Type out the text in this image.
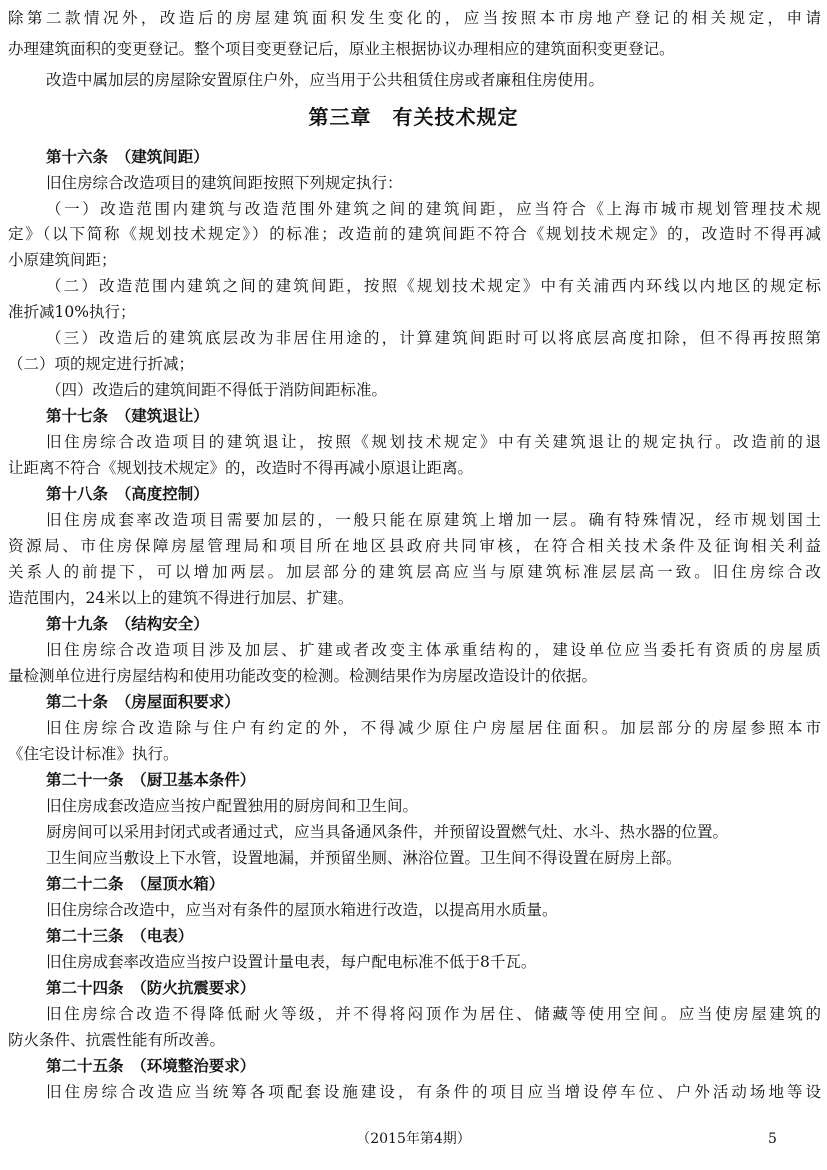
除第二款情况外，改造后的房屋建筑面积发生变化的，应当按照本市房地产登记的相关规定，申请
办理建筑面积的变更登记。整个项目变更登记后，原业主根据协议办理相应的建筑面积变更登记。
改造中属加层的房屋除安置原住户外，应当用于公共租赁住房或者廉租住房使用。
第三章　有关技术规定
第十六条　（建筑间距）
旧住房综合改造项目的建筑间距按照下列规定执行：
（一）改造范围内建筑与改造范围外建筑之间的建筑间距，应当符合《上海市城市规划管理技术规
定》（以下简称《规划技术规定》）的标准；改造前的建筑间距不符合《规划技术规定》的，改造时不得再减
小原建筑间距；
（二）改造范围内建筑之间的建筑间距，按照《规划技术规定》中有关浦西内环线以内地区的规定标
准折减10%执行；
（三）改造后的建筑底层改为非居住用途的，计算建筑间距时可以将底层高度扣除，但不得再按照第
（二）项的规定进行折减；
（四）改造后的建筑间距不得低于消防间距标准。
第十七条　（建筑退让）
旧住房综合改造项目的建筑退让，按照《规划技术规定》中有关建筑退让的规定执行。改造前的退
让距离不符合《规划技术规定》的，改造时不得再减小原退让距离。
第十八条　（高度控制）
旧住房成套率改造项目需要加层的，一般只能在原建筑上增加一层。确有特殊情况，经市规划国土
资源局、市住房保障房屋管理局和项目所在地区县政府共同审核，在符合相关技术条件及征询相关利益
关系人的前提下，可以增加两层。加层部分的建筑层高应当与原建筑标准层层高一致。旧住房综合改
造范围内，24米以上的建筑不得进行加层、扩建。
第十九条　（结构安全）
旧住房综合改造项目涉及加层、扩建或者改变主体承重结构的，建设单位应当委托有资质的房屋质
量检测单位进行房屋结构和使用功能改变的检测。检测结果作为房屋改造设计的依据。
第二十条　（房屋面积要求）
旧住房综合改造除与住户有约定的外，不得减少原住户房屋居住面积。加层部分的房屋参照本市
《住宅设计标准》执行。
第二十一条　（厨卫基本条件）
旧住房成套改造应当按户配置独用的厨房间和卫生间。
厨房间可以采用封闭式或者通过式，应当具备通风条件，并预留设置燃气灶、水斗、热水器的位置。
卫生间应当敷设上下水管，设置地漏，并预留坐厕、淋浴位置。卫生间不得设置在厨房上部。
第二十二条　（屋顶水箱）
旧住房综合改造中，应当对有条件的屋顶水箱进行改造，以提高用水质量。
第二十三条　（电表）
旧住房成套率改造应当按户设置计量电表，每户配电标准不低于8千瓦。
第二十四条　（防火抗震要求）
旧住房综合改造不得降低耐火等级，并不得将闷顶作为居住、储藏等使用空间。应当使房屋建筑的
防火条件、抗震性能有所改善。
第二十五条　（环境整治要求）
旧住房综合改造应当统筹各项配套设施建设，有条件的项目应当增设停车位、户外活动场地等设
（2015年第4期）	5
